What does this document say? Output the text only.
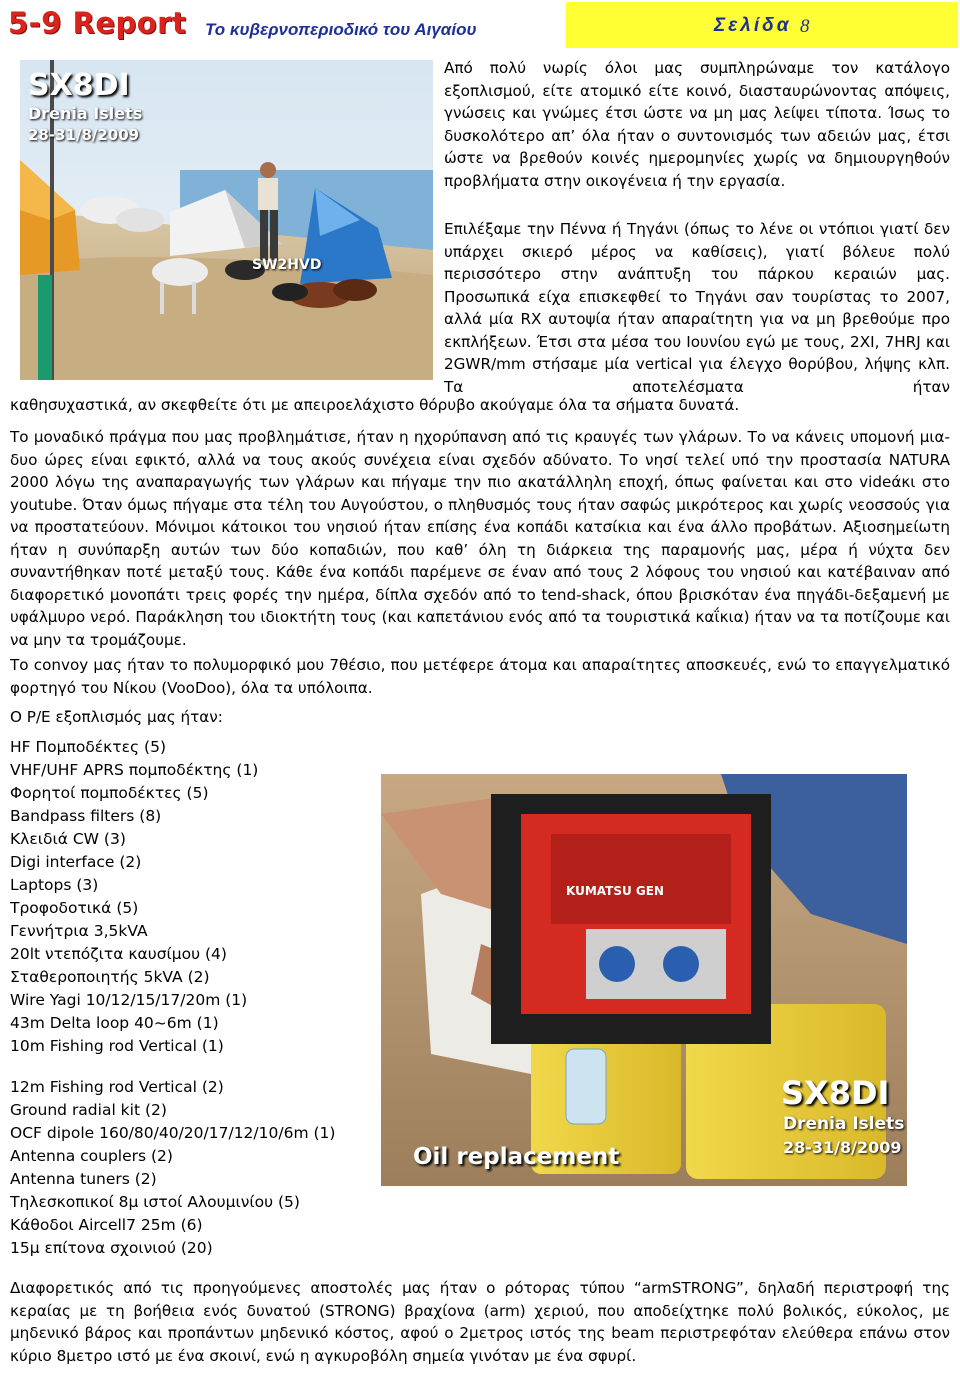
5-9 Report Το κυβερνοπεριοδικό του Αιγαίου	Σελίδα 8
SX8DI
Drenia Islets
28-31/8/2009
SW2HVD

Από πολύ νωρίς όλοι μας συμπληρώναμε τον κατάλογο εξοπλισμού, είτε ατομικό είτε κοινό, διασταυρώνοντας απόψεις, γνώσεις και γνώμες έτσι ώστε να μη μας λείψει τίποτα. Ίσως το δυσκολότερο απ’ όλα ήταν ο συντονισμός των αδειών μας, έτσι ώστε να βρεθούν κοινές ημερομηνίες χωρίς να δημιουργηθούν προβλήματα στην οικογένεια ή την εργασία.

Επιλέξαμε την Πέννα ή Τηγάνι (όπως το λένε οι ντόπιοι γιατί δεν υπάρχει σκιερό μέρος να καθίσεις), γιατί βόλευε πολύ περισσότερο στην ανάπτυξη του πάρκου κεραιών μας. Προσωπικά είχα επισκεφθεί το Τηγάνι σαν τουρίστας το 2007, αλλά μία RX αυτοψία ήταν απαραίτητη για να μη βρεθούμε προ εκπλήξεων. Έτσι στα μέσα του Ιουνίου εγώ με τους, 2XI, 7HRJ και 2GWR/mm στήσαμε μία vertical για έλεγχο θορύβου, λήψης κλπ. Τα αποτελέσματα ήταν

καθησυχαστικά, αν σκεφθείτε ότι με απειροελάχιστο θόρυβο ακούγαμε όλα τα σήματα δυνατά.

Το μοναδικό πράγμα που μας προβλημάτισε, ήταν η ηχορύπανση από τις κραυγές των γλάρων. Το να κάνεις υπομονή μια-δυο ώρες είναι εφικτό, αλλά να τους ακούς συνέχεια είναι σχεδόν αδύνατο. Το νησί τελεί υπό την προστασία NATURA 2000 λόγω της αναπαραγωγής των γλάρων και πήγαμε την πιο ακατάλληλη εποχή, όπως φαίνεται και στο videάκι στο youtube. Όταν όμως πήγαμε στα τέλη του Αυγούστου, ο πληθυσμός τους ήταν σαφώς μικρότερος και χωρίς νεοσσούς για να προστατεύουν. Μόνιμοι κάτοικοι του νησιού ήταν επίσης ένα κοπάδι κατσίκια και ένα άλλο προβάτων. Αξιοσημείωτη ήταν η συνύπαρξη αυτών των δύο κοπαδιών, που καθ’ όλη τη διάρκεια της παραμονής μας, μέρα ή νύχτα δεν συναντήθηκαν ποτέ μεταξύ τους. Κάθε ένα κοπάδι παρέμενε σε έναν από τους 2 λόφους του νησιού και κατέβαιναν από διαφορετικό μονοπάτι τρεις φορές την ημέρα, δίπλα σχεδόν από το tend-shack, όπου βρισκόταν ένα πηγάδι-δεξαμενή με υφάλμυρο νερό. Παράκληση του ιδιοκτήτη τους (και καπετάνιου ενός από τα τουριστικά καΐκια) ήταν να τα ποτίζουμε και να μην τα τρομάζουμε.

Το convoy μας ήταν το πολυμορφικό μου 7θέσιο, που μετέφερε άτομα και απαραίτητες αποσκευές, ενώ το επαγγελματικό φορτηγό του Νίκου (VooDoo), όλα τα υπόλοιπα.

Ο Ρ/Ε εξοπλισμός μας ήταν:

HF Πομποδέκτες (5)
VHF/UHF APRS πομποδέκτης (1)
Φορητοί πομποδέκτες (5)
Bandpass filters (8)
Κλειδιά CW (3)
Digi interface (2)
Laptops (3)
Τροφοδοτικά (5)
Γεννήτρια 3,5kVA
20lt ντεπόζιτα καυσίμου (4)
Σταθεροποιητής 5kVA (2)
Wire Yagi 10/12/15/17/20m (1)
43m Delta loop 40~6m (1)
10m Fishing rod Vertical (1)
12m Fishing rod Vertical (2)
Ground radial kit (2)
OCF dipole 160/80/40/20/17/12/10/6m (1)
Antenna couplers (2)
Antenna tuners (2)
Τηλεσκοπικοί 8μ ιστοί Αλουμινίου (5)
Κάθοδοι Aircell7 25m (6)
15μ επίτονα σχοινιού (20)
KUMATSU GEN
Oil replacement
SX8DI
Drenia Islets
28-31/8/2009

Διαφορετικός από τις προηγούμενες αποστολές μας ήταν ο ρότορας τύπου “armSTRONG”, δηλαδή περιστροφή της κεραίας με τη βοήθεια ενός δυνατού (STRONG) βραχίονα (arm) χεριού, που αποδείχτηκε πολύ βολικός, εύκολος, με μηδενικό βάρος και προπάντων μηδενικό κόστος, αφού ο 2μετρος ιστός της beam περιστρεφόταν ελεύθερα επάνω στον κύριο 8μετρο ιστό με ένα σκοινί, ενώ η αγκυροβόλη σημεία γινόταν με ένα σφυρί.
